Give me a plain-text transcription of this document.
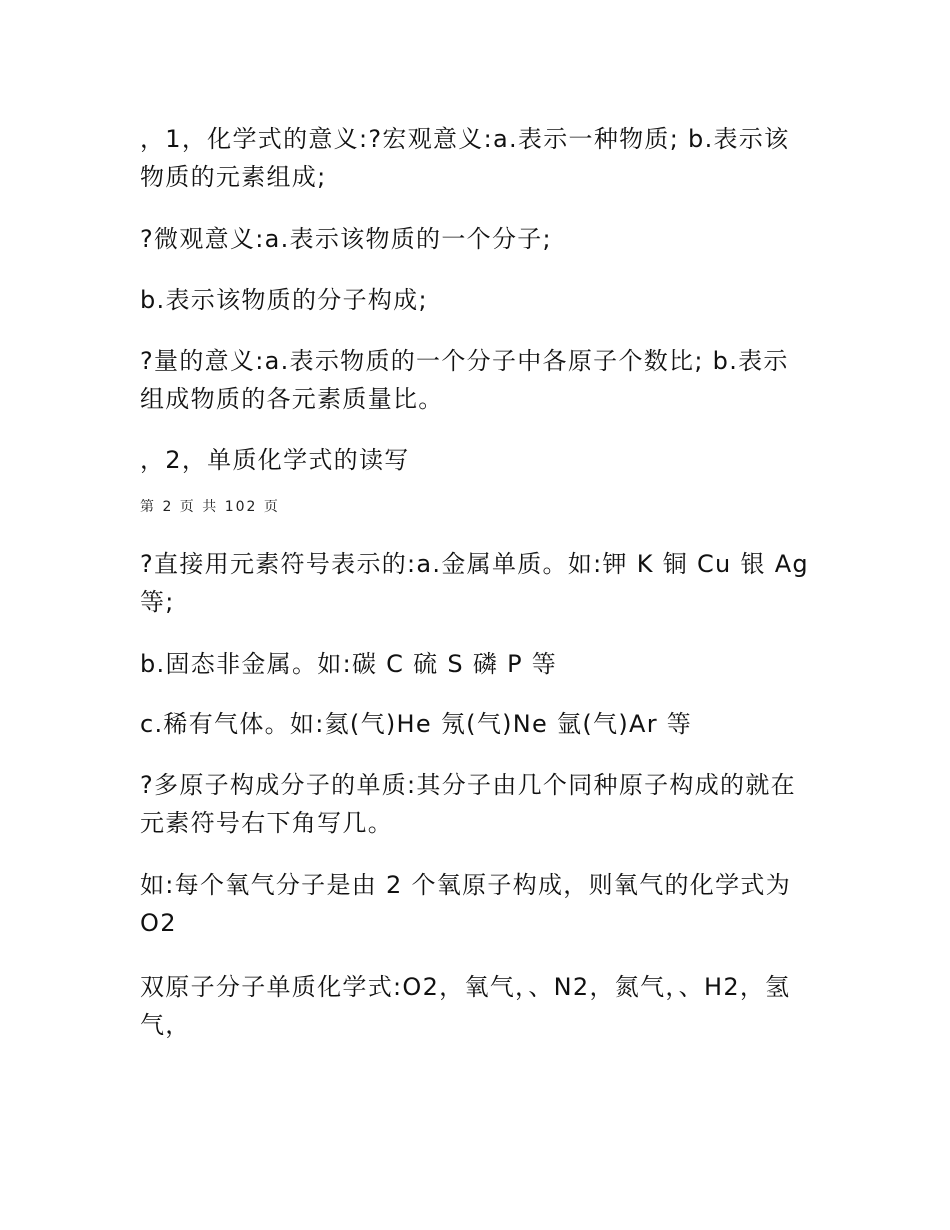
，1，化学式的意义:?宏观意义:a.表示一种物质; b.表示该物质的元素组成;

?微观意义:a.表示该物质的一个分子;

b.表示该物质的分子构成;

?量的意义:a.表示物质的一个分子中各原子个数比; b.表示组成物质的各元素质量比。

，2，单质化学式的读写

第 2 页 共 102 页

?直接用元素符号表示的:a.金属单质。如:钾 K 铜 Cu 银 Ag 等;

b.固态非金属。如:碳 C 硫 S 磷 P 等

c.稀有气体。如:氦(气)He 氖(气)Ne 氩(气)Ar 等

?多原子构成分子的单质:其分子由几个同种原子构成的就在元素符号右下角写几。

如:每个氧气分子是由 2 个氧原子构成，则氧气的化学式为 O2

双原子分子单质化学式:O2，氧气，、N2，氮气，、H2，氢气，
